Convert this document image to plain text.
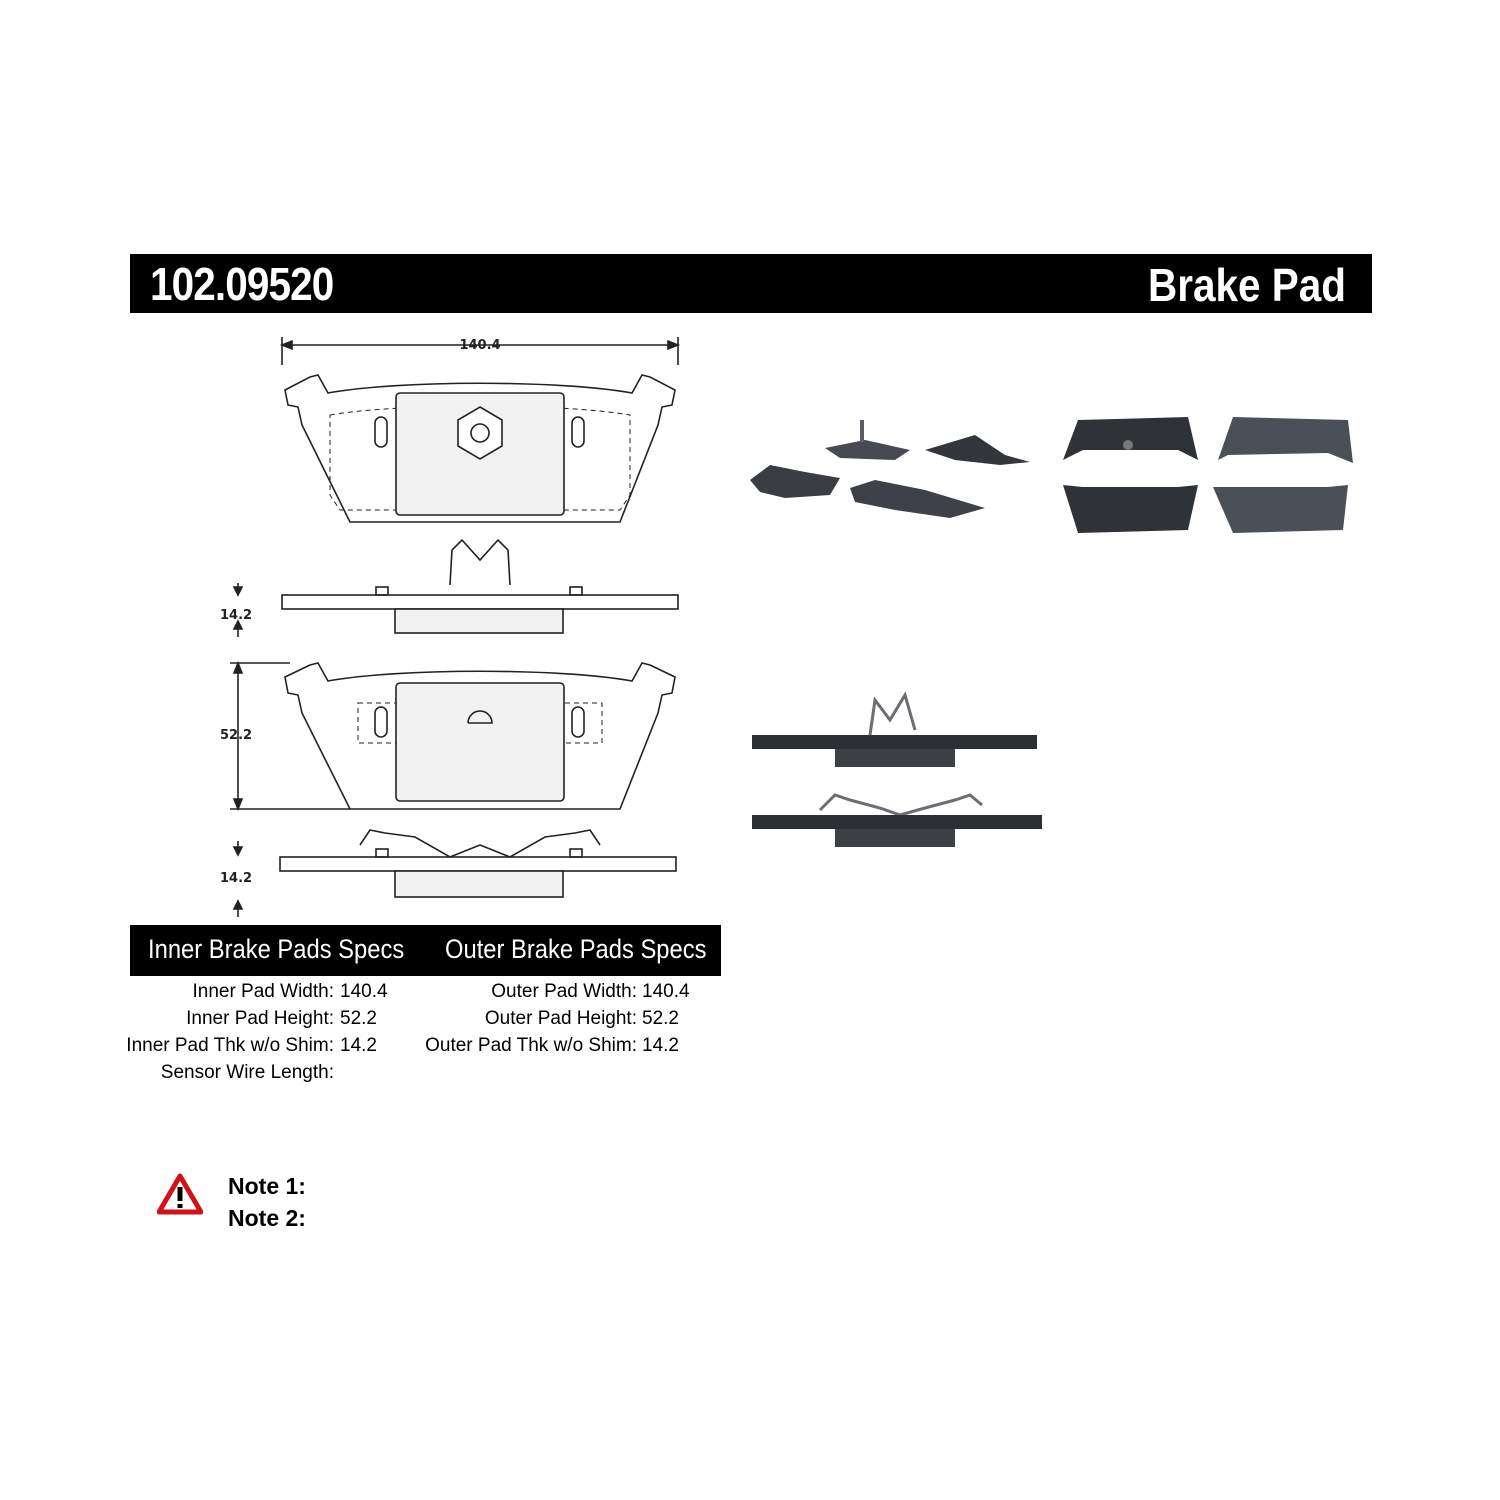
102.09520	Brake Pad
140.4
14.2
52.2
14.2
Inner Brake Pads Specs Outer Brake Pads Specs
Inner Pad Width: 140.4
Inner Pad Height: 52.2
Inner Pad Thk w/o Shim: 14.2
Sensor Wire Length:
Outer Pad Width: 140.4
Outer Pad Height: 52.2
Outer Pad Thk w/o Shim: 14.2
Note 1:
Note 2:
